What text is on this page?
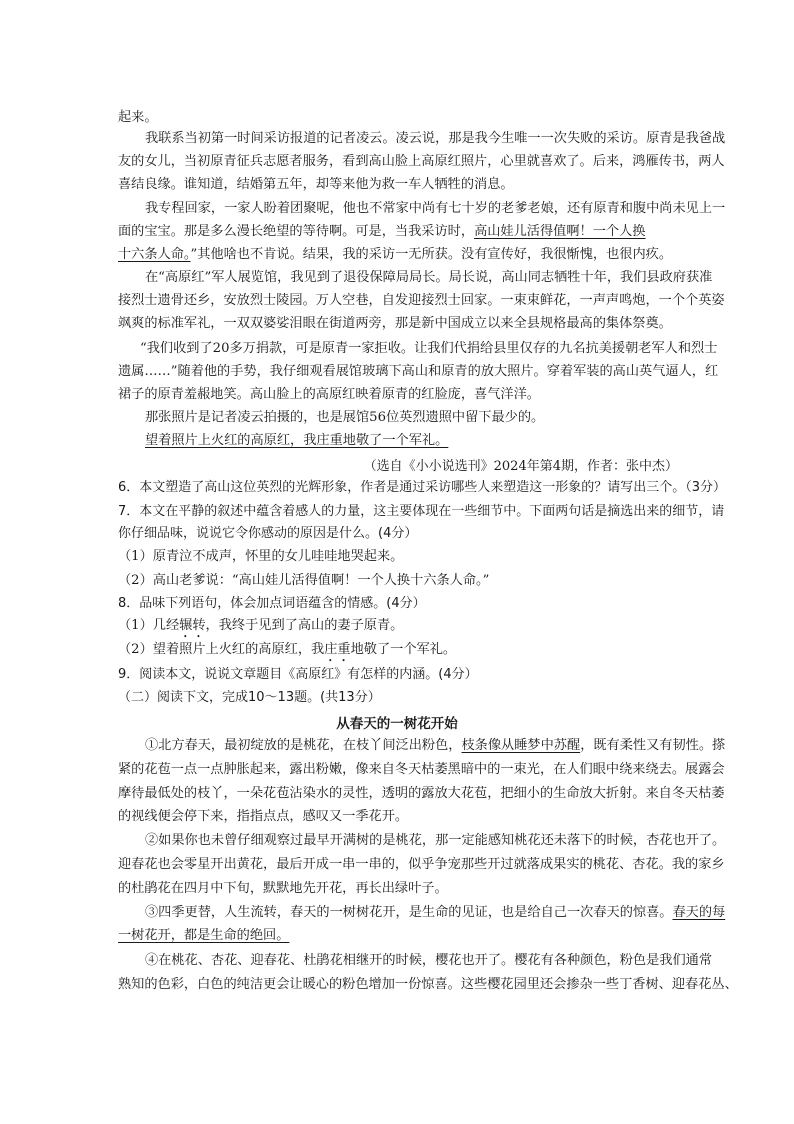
起来。
我联系当初第一时间采访报道的记者凌云。凌云说，那是我今生唯一一次失败的采访。原青是我爸战
友的女儿，当初原青征兵志愿者服务，看到高山脸上高原红照片，心里就喜欢了。后来，鸿雁传书，两人
喜结良缘。谁知道，结婚第五年，却等来他为救一车人牺牲的消息。
我专程回家，一家人盼着团聚呢，他也不常家中尚有七十岁的老爹老娘，还有原青和腹中尚未见上一
面的宝宝。那是多么漫长绝望的等待啊。可是，当我采访时，高山娃儿活得值啊！一个人换
十六条人命。”其他啥也不肯说。结果，我的采访一无所获。没有宣传好，我很惭愧，也很内疚。
在“高原红”军人展览馆，我见到了退役保障局局长。局长说，高山同志牺牲十年，我们县政府获准
接烈士遗骨还乡，安放烈士陵园。万人空巷，自发迎接烈士回家。一束束鲜花，一声声鸣炮，一个个英姿
飒爽的标准军礼，一双双婆娑泪眼在街道两旁，那是新中国成立以来全县规格最高的集体祭奠。
“我们收到了20多万捐款，可是原青一家拒收。让我们代捐给县里仅存的九名抗美援朝老军人和烈士
遗属……”随着他的手势，我仔细观看展馆玻璃下高山和原青的放大照片。穿着军装的高山英气逼人，红
裙子的原青羞赧地笑。高山脸上的高原红映着原青的红脸庞，喜气洋洋。
那张照片是记者凌云拍摄的，也是展馆56位英烈遗照中留下最少的。
望着照片上火红的高原红，我庄重地敬了一个军礼。
（选自《小小说选刊》2024年第4期，作者：张中杰）
6．本文塑造了高山这位英烈的光辉形象，作者是通过采访哪些人来塑造这一形象的？请写出三个。（3分）
7．本文在平静的叙述中蕴含着感人的力量，这主要体现在一些细节中。下面两句话是摘选出来的细节，请
你仔细品味，说说它令你感动的原因是什么。(4分）
（1）原青泣不成声，怀里的女儿哇哇地哭起来。
（2）高山老爹说：“高山娃儿活得值啊！一个人换十六条人命。”
8．品味下列语句，体会加点词语蕴含的情感。(4分）
（1）几经辗转，我终于见到了高山的妻子原青。
（2）望着照片上火红的高原红，我庄重地敬了一个军礼。
9．阅读本文，说说文章题目《高原红》有怎样的内涵。(4分）
（二）阅读下文，完成10～13题。(共13分）
从春天的一树花开始
①北方春天，最初绽放的是桃花，在枝丫间泛出粉色，枝条像从睡梦中苏醒，既有柔性又有韧性。搽
紧的花苞一点一点肿胀起来，露出粉嫩，像来自冬天枯萎黑暗中的一束光，在人们眼中绕来绕去。展露会
摩待最低处的枝丫，一朵花苞沾染水的灵性，透明的露放大花苞，把细小的生命放大折射。来自冬天枯萎
的视线便会停下来，指指点点，感叹又一季花开。
②如果你也未曾仔细观察过最早开满树的是桃花，那一定能感知桃花还未落下的时候，杏花也开了。
迎春花也会零星开出黄花，最后开成一串一串的，似乎争宠那些开过就落成果实的桃花、杏花。我的家乡
的杜鹃花在四月中下旬，默默地先开花，再长出绿叶子。
③四季更替，人生流转，春天的一树树花开，是生命的见证，也是给自己一次春天的惊喜。春天的每
一树花开，都是生命的绝回。
④在桃花、杏花、迎春花、杜鹃花相继开的时候，樱花也开了。樱花有各种颜色，粉色是我们通常
熟知的色彩，白色的纯洁更会让暖心的粉色增加一份惊喜。这些樱花园里还会掺杂一些丁香树、迎春花丛、
